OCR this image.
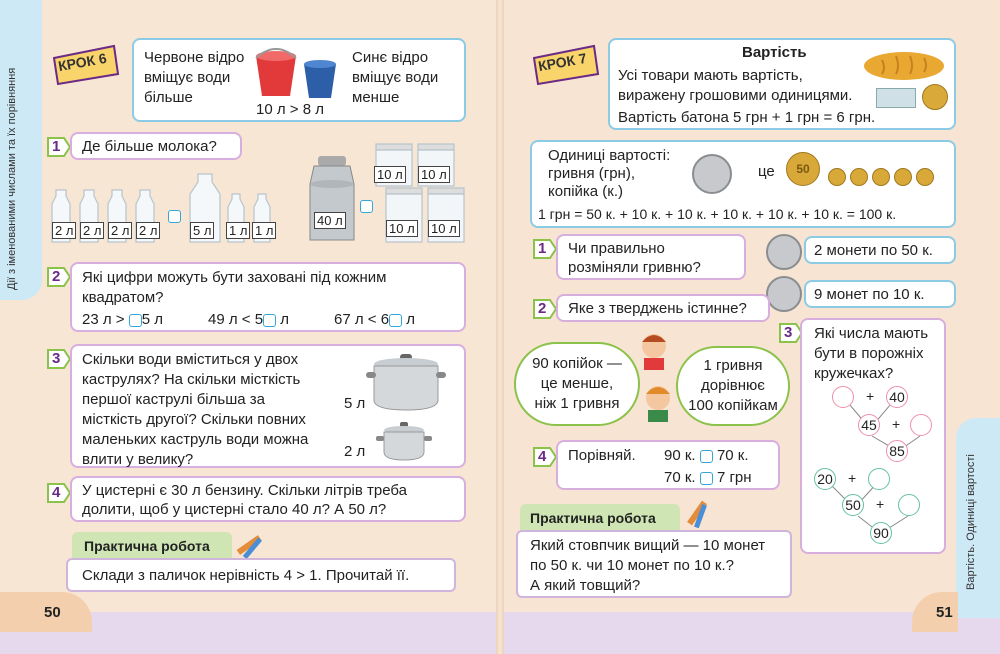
Дії з іменованими числами та їх порівняння
Вартість. Одиниці вартості
50	51
КРОК 6 Червоне відро вміщує води більше
Синє відро вміщує води менше
10 л > 8 л
1 Де більше молока?
2 л 2 л 2 л 2 л	5 л 1 л 1 л
40 л
10 л 10 л
10 л 10 л
2 Які цифри можуть бути заховані під кожним
квадратом?
23 л > 5 л	49 л < 5 л	67 л < 6 л
3 Скільки води вміститься у двох
каструлях? На скільки місткість
першої каструлі більша за
місткість другої? Скільки повних
маленьких каструль води можна
влити у велику?
5 л
2 л
4 У цистерні є 30 л бензину. Скільки літрів треба
долити, щоб у цистерні стало 40 л? А 50 л?
Практична робота
Склади з паличок нерівність 4 > 1. Прочитай її.
КРОК 7	Вартість
Усі товари мають вартість,
виражену грошовими одиницями.
Вартість батона 5 грн + 1 грн = 6 грн.
Одиниці вартості:
гривня (грн),
копійка (к.)
це	50
1 грн = 50 к. + 10 к. + 10 к. + 10 к. + 10 к. + 10 к. = 100 к.
1 Чи правильно
розміняли гривню?
2 монети по 50 к.
9 монет по 10 к.
2 Яке з тверджень істинне?
90 копійок —
це менше,
ніж 1 гривня
1 гривня
дорівнює
100 копійкам
3 Які числа мають
бути в порожніх
кружечках?
+ 40
45 +
85
20 +
50 +
90
4 Порівняй. 90 к. 70 к.
70 к. 7 грн
Практична робота
Який стовпчик вищий — 10 монет
по 50 к. чи 10 монет по 10 к.?
А який товщий?
